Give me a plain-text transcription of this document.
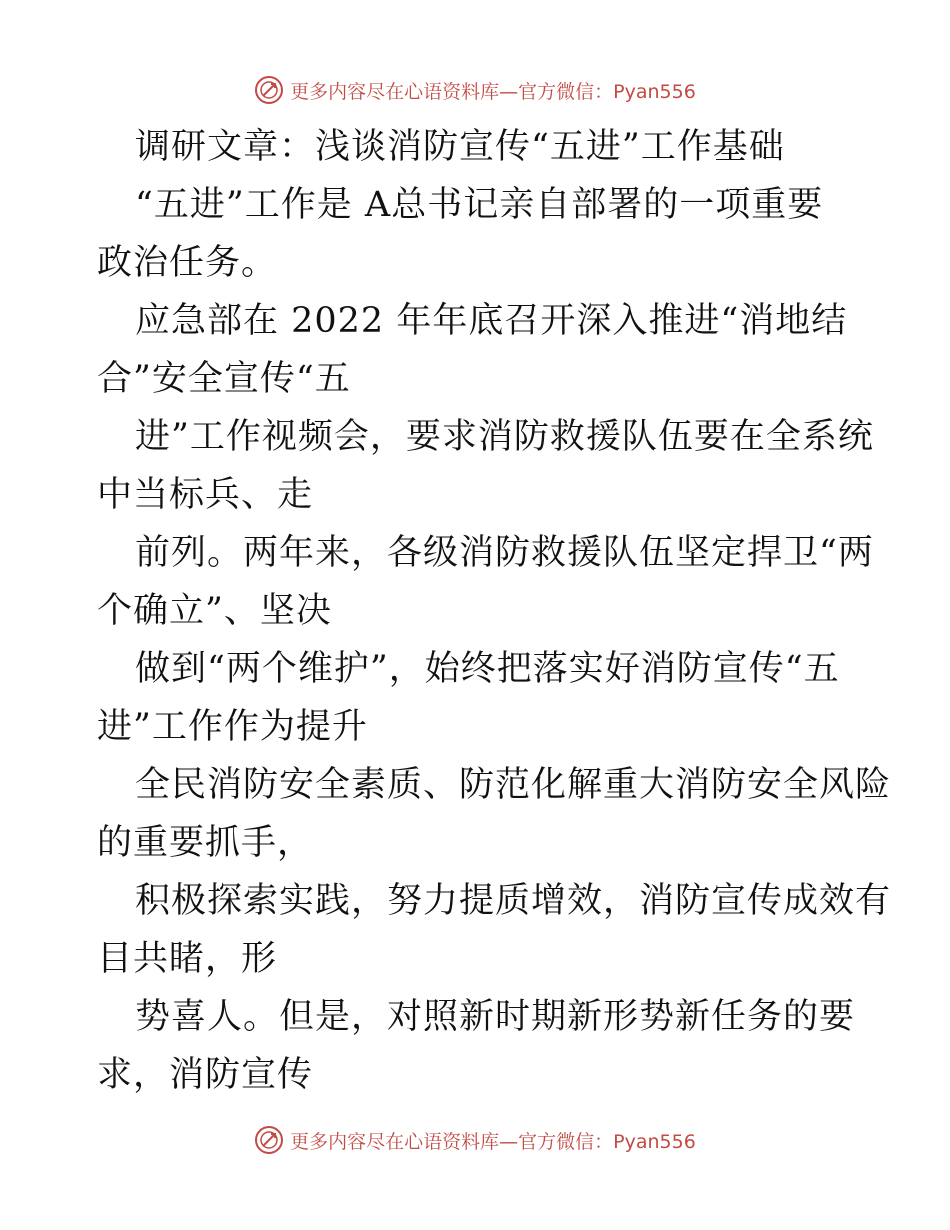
更多内容尽在心语资料库—官方微信：Pyan556
调研文章：浅谈消防宣传“五进”工作基础
“五进”工作是 A总书记亲自部署的一项重要
政治任务。
应急部在 2022 年年底召开深入推进“消地结
合”安全宣传“五
进”工作视频会，要求消防救援队伍要在全系统
中当标兵、走
前列。两年来，各级消防救援队伍坚定捍卫“两
个确立”、坚决
做到“两个维护”，始终把落实好消防宣传“五
进”工作作为提升
全民消防安全素质、防范化解重大消防安全风险
的重要抓手，
积极探索实践，努力提质增效，消防宣传成效有
目共睹，形
势喜人。但是，对照新时期新形势新任务的要
求，消防宣传
更多内容尽在心语资料库—官方微信：Pyan556
